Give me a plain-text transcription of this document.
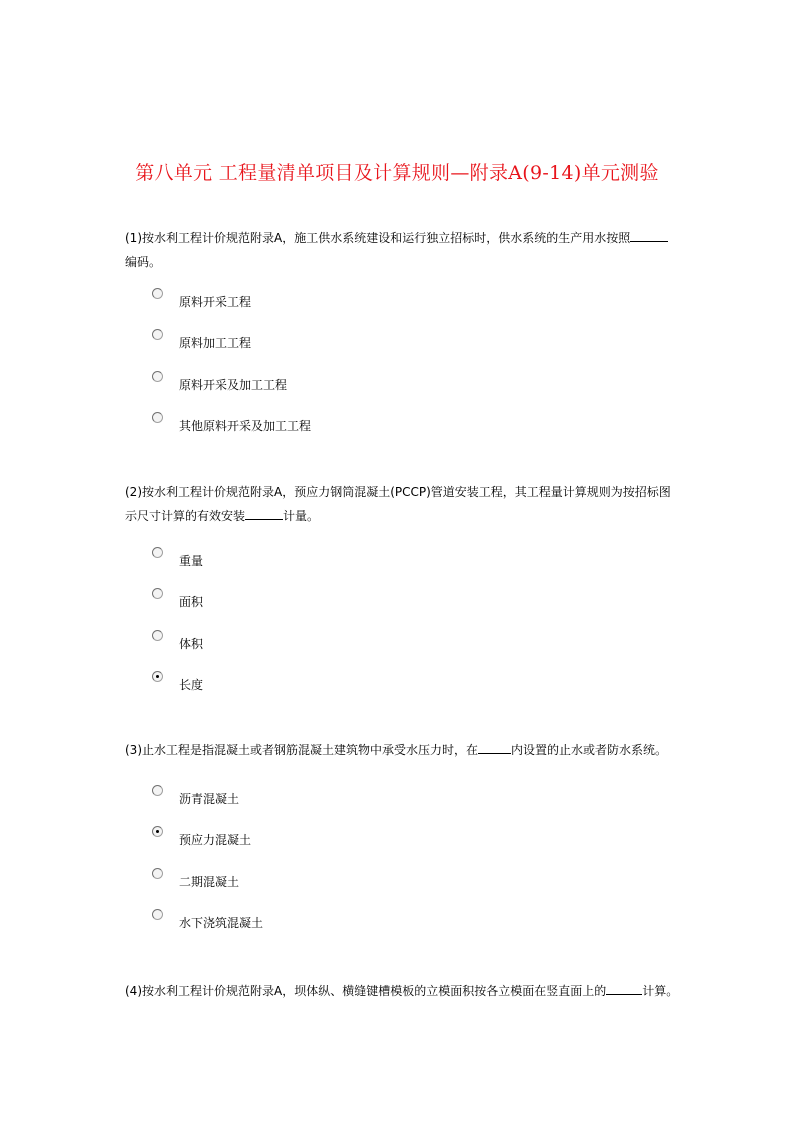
第八单元 工程量清单项目及计算规则—附录A(9-14)单元测验
(1)按水利工程计价规范附录A，施工供水系统建设和运行独立招标时，供水系统的生产用水按照
编码。
原料开采工程
原料加工工程
原料开采及加工工程
其他原料开采及加工工程
(2)按水利工程计价规范附录A，预应力钢筒混凝土(PCCP)管道安装工程，其工程量计算规则为按招标图示尺寸计算的有效安装	计量。
重量
面积
体积
长度
(3)止水工程是指混凝土或者钢筋混凝土建筑物中承受水压力时，在	内设置的止水或者防水系统。
沥青混凝土
预应力混凝土
二期混凝土
水下浇筑混凝土
(4)按水利工程计价规范附录A，坝体纵、横缝键槽模板的立模面积按各立模面在竖直面上的	计算。
